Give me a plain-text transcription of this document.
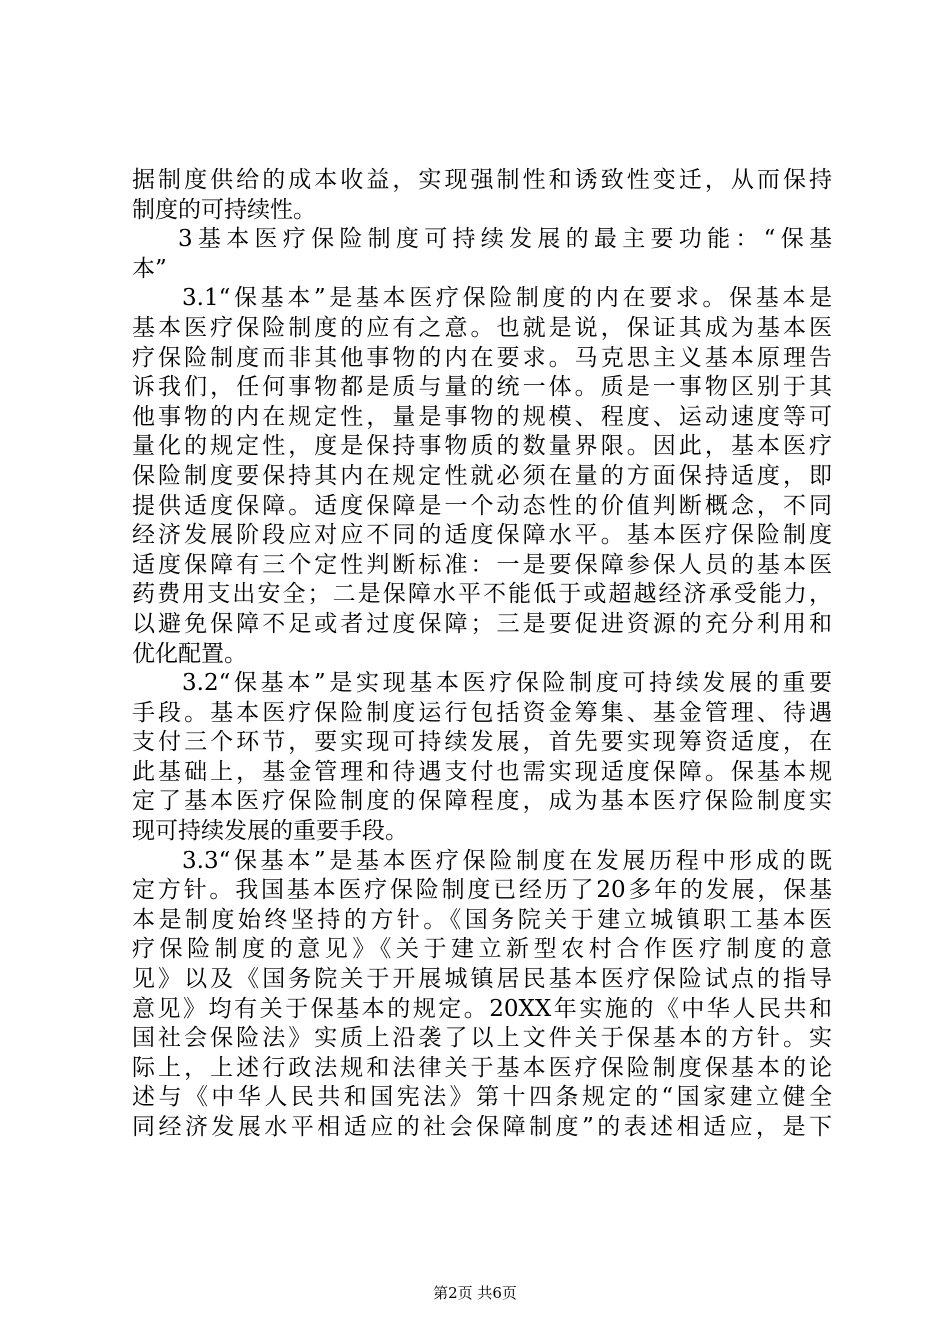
据制度供给的成本收益，实现强制性和诱致性变迁，从而保持
制度的可持续性。
3基本医疗保险制度可持续发展的最主要功能：“保基
本”
3.1“保基本”是基本医疗保险制度的内在要求。保基本是
基本医疗保险制度的应有之意。也就是说，保证其成为基本医
疗保险制度而非其他事物的内在要求。马克思主义基本原理告
诉我们，任何事物都是质与量的统一体。质是一事物区别于其
他事物的内在规定性，量是事物的规模、程度、运动速度等可
量化的规定性，度是保持事物质的数量界限。因此，基本医疗
保险制度要保持其内在规定性就必须在量的方面保持适度，即
提供适度保障。适度保障是一个动态性的价值判断概念，不同
经济发展阶段应对应不同的适度保障水平。基本医疗保险制度
适度保障有三个定性判断标准：一是要保障参保人员的基本医
药费用支出安全；二是保障水平不能低于或超越经济承受能力，
以避免保障不足或者过度保障；三是要促进资源的充分利用和
优化配置。
3.2“保基本”是实现基本医疗保险制度可持续发展的重要
手段。基本医疗保险制度运行包括资金筹集、基金管理、待遇
支付三个环节，要实现可持续发展，首先要实现筹资适度，在
此基础上，基金管理和待遇支付也需实现适度保障。保基本规
定了基本医疗保险制度的保障程度，成为基本医疗保险制度实
现可持续发展的重要手段。
3.3“保基本”是基本医疗保险制度在发展历程中形成的既
定方针。我国基本医疗保险制度已经历了20多年的发展，保基
本是制度始终坚持的方针。《国务院关于建立城镇职工基本医
疗保险制度的意见》《关于建立新型农村合作医疗制度的意
见》以及《国务院关于开展城镇居民基本医疗保险试点的指导
意见》均有关于保基本的规定。20XX年实施的《中华人民共和
国社会保险法》实质上沿袭了以上文件关于保基本的方针。实
际上，上述行政法规和法律关于基本医疗保险制度保基本的论
述与《中华人民共和国宪法》第十四条规定的“国家建立健全
同经济发展水平相适应的社会保障制度”的表述相适应，是下
第2页 共6页
